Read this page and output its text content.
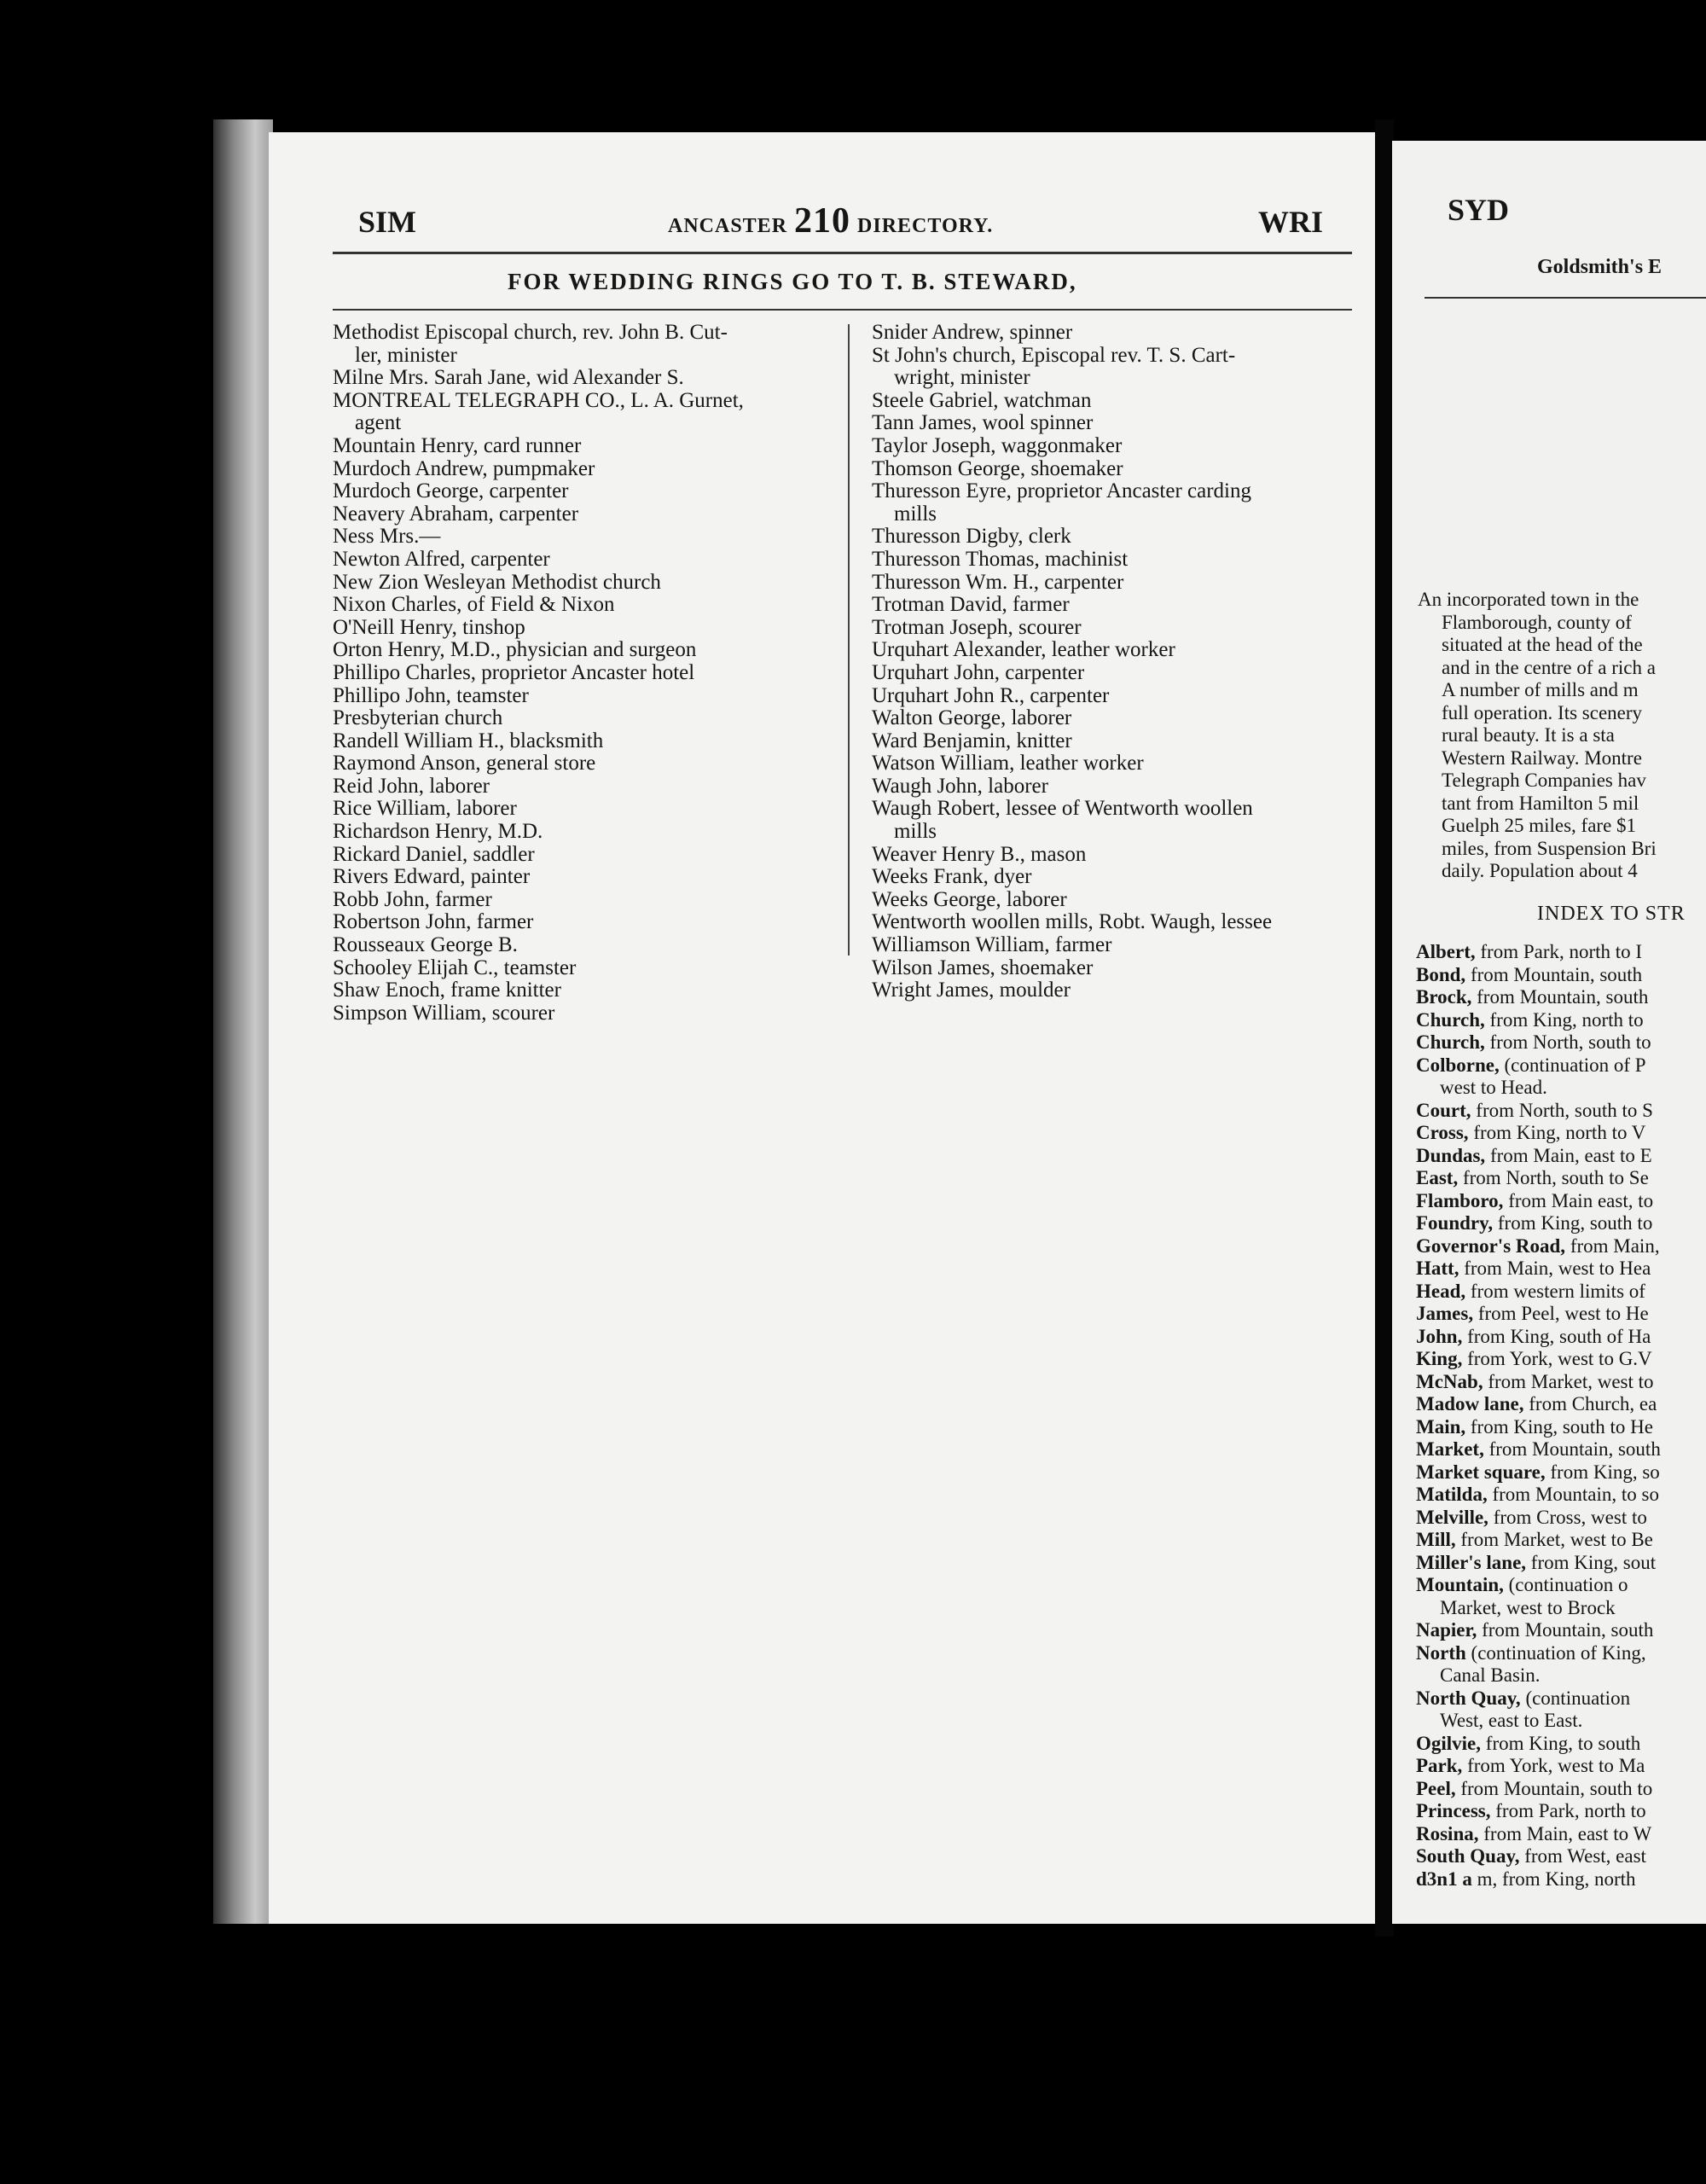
SIM	ANCASTER 210 DIRECTORY.	WRI
FOR WEDDING RINGS GO TO T. B. STEWARD,
Methodist Episcopal church, rev. John B. Cut-
ler, minister
Milne Mrs. Sarah Jane, wid Alexander S.
MONTREAL TELEGRAPH CO., L. A. Gurnet,
agent
Mountain Henry, card runner
Murdoch Andrew, pumpmaker
Murdoch George, carpenter
Neavery Abraham, carpenter
Ness Mrs.—
Newton Alfred, carpenter
New Zion Wesleyan Methodist church
Nixon Charles, of Field & Nixon
O'Neill Henry, tinshop
Orton Henry, M.D., physician and surgeon
Phillipo Charles, proprietor Ancaster hotel
Phillipo John, teamster
Presbyterian church
Randell William H., blacksmith
Raymond Anson, general store
Reid John, laborer
Rice William, laborer
Richardson Henry, M.D.
Rickard Daniel, saddler
Rivers Edward, painter
Robb John, farmer
Robertson John, farmer
Rousseaux George B.
Schooley Elijah C., teamster
Shaw Enoch, frame knitter
Simpson William, scourer
Snider Andrew, spinner
St John's church, Episcopal rev. T. S. Cart-
wright, minister
Steele Gabriel, watchman
Tann James, wool spinner
Taylor Joseph, waggonmaker
Thomson George, shoemaker
Thuresson Eyre, proprietor Ancaster carding
mills
Thuresson Digby, clerk
Thuresson Thomas, machinist
Thuresson Wm. H., carpenter
Trotman David, farmer
Trotman Joseph, scourer
Urquhart Alexander, leather worker
Urquhart John, carpenter
Urquhart John R., carpenter
Walton George, laborer
Ward Benjamin, knitter
Watson William, leather worker
Waugh John, laborer
Waugh Robert, lessee of Wentworth woollen
mills
Weaver Henry B., mason
Weeks Frank, dyer
Weeks George, laborer
Wentworth woollen mills, Robt. Waugh, lessee
Williamson William, farmer
Wilson James, shoemaker
Wright James, moulder
SYD
Goldsmith's E
An incorporated town in the
Flamborough, county of
situated at the head of the
and in the centre of a rich a
A number of mills and m
full operation. Its scenery
rural beauty. It is a sta
Western Railway. Montre
Telegraph Companies hav
tant from Hamilton 5 mil
Guelph 25 miles, fare $1
miles, from Suspension Bri
daily. Population about 4
INDEX TO STR
Albert, from Park, north to I
Bond, from Mountain, south
Brock, from Mountain, south
Church, from King, north to
Church, from North, south to
Colborne, (continuation of P
west to Head.
Court, from North, south to S
Cross, from King, north to V
Dundas, from Main, east to E
East, from North, south to Se
Flamboro, from Main east, to
Foundry, from King, south to
Governor's Road, from Main,
Hatt, from Main, west to Hea
Head, from western limits of
James, from Peel, west to He
John, from King, south of Ha
King, from York, west to G.V
McNab, from Market, west to
Madow lane, from Church, ea
Main, from King, south to He
Market, from Mountain, south
Market square, from King, so
Matilda, from Mountain, to so
Melville, from Cross, west to
Mill, from Market, west to Be
Miller's lane, from King, sout
Mountain, (continuation o
Market, west to Brock
Napier, from Mountain, south
North (continuation of King,
Canal Basin.
North Quay, (continuation
West, east to East.
Ogilvie, from King, to south
Park, from York, west to Ma
Peel, from Mountain, south to
Princess, from Park, north to
Rosina, from Main, east to W
South Quay, from West, east
d3n1 a m, from King, north
